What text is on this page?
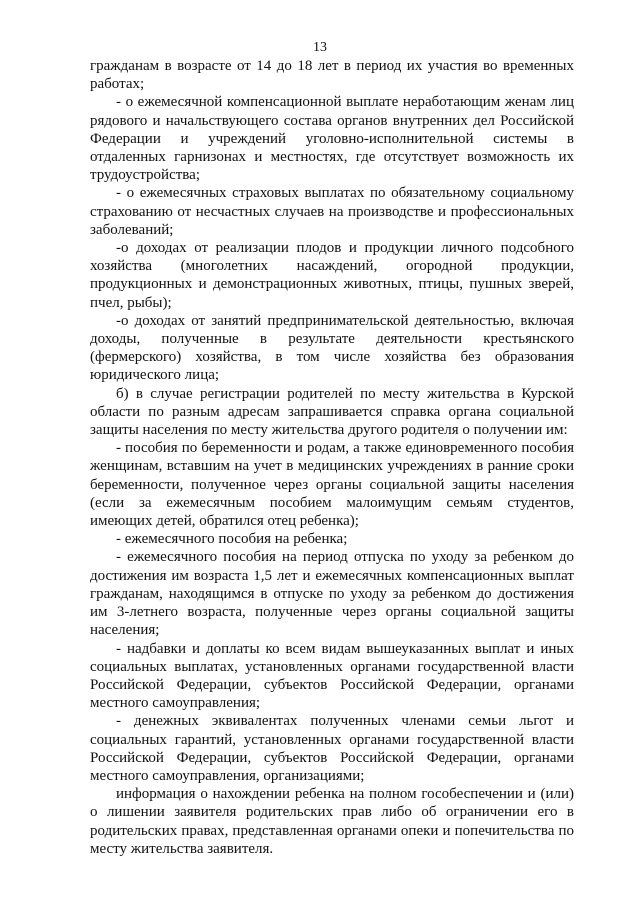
13

гражданам в возрасте от 14 до 18 лет в период их участия во временных работах;

- о ежемесячной компенсационной выплате неработающим женам лиц рядового и начальствующего состава органов внутренних дел Российской Федерации и учреждений уголовно-исполнительной системы в отдаленных гарнизонах и местностях, где отсутствует возможность их трудоустройства;

- о ежемесячных страховых выплатах по обязательному социальному страхованию от несчастных случаев на производстве и профессиональных заболеваний;

-о доходах от реализации плодов и продукции личного подсобного хозяйства (многолетних насаждений, огородной продукции, продукционных и демонстрационных животных, птицы, пушных зверей, пчел, рыбы);

-о доходах от занятий предпринимательской деятельностью, включая доходы, полученные в результате деятельности крестьянского (фермерского) хозяйства, в том числе хозяйства без образования юридического лица;

б) в случае регистрации родителей по месту жительства в Курской области по разным адресам запрашивается справка органа социальной защиты населения по месту жительства другого родителя о получении им:

- пособия по беременности и родам, а также единовременного пособия женщинам, вставшим на учет в медицинских учреждениях в ранние сроки беременности, полученное через органы социальной защиты населения (если за ежемесячным пособием малоимущим семьям студентов, имеющих детей, обратился отец ребенка);

- ежемесячного пособия на ребенка;

- ежемесячного пособия на период отпуска по уходу за ребенком до достижения им возраста 1,5 лет и ежемесячных компенсационных выплат гражданам, находящимся в отпуске по уходу за ребенком до достижения им 3-летнего возраста, полученные через органы социальной защиты населения;

- надбавки и доплаты ко всем видам вышеуказанных выплат и иных социальных выплатах, установленных органами государственной власти Российской Федерации, субъектов Российской Федерации, органами местного самоуправления;

- денежных эквивалентах полученных членами семьи льгот и социальных гарантий, установленных органами государственной власти Российской Федерации, субъектов Российской Федерации, органами местного самоуправления, организациями;

информация о нахождении ребенка на полном гособеспечении и (или) о лишении заявителя родительских прав либо об ограничении его в родительских правах, представленная органами опеки и попечительства по месту жительства заявителя.
